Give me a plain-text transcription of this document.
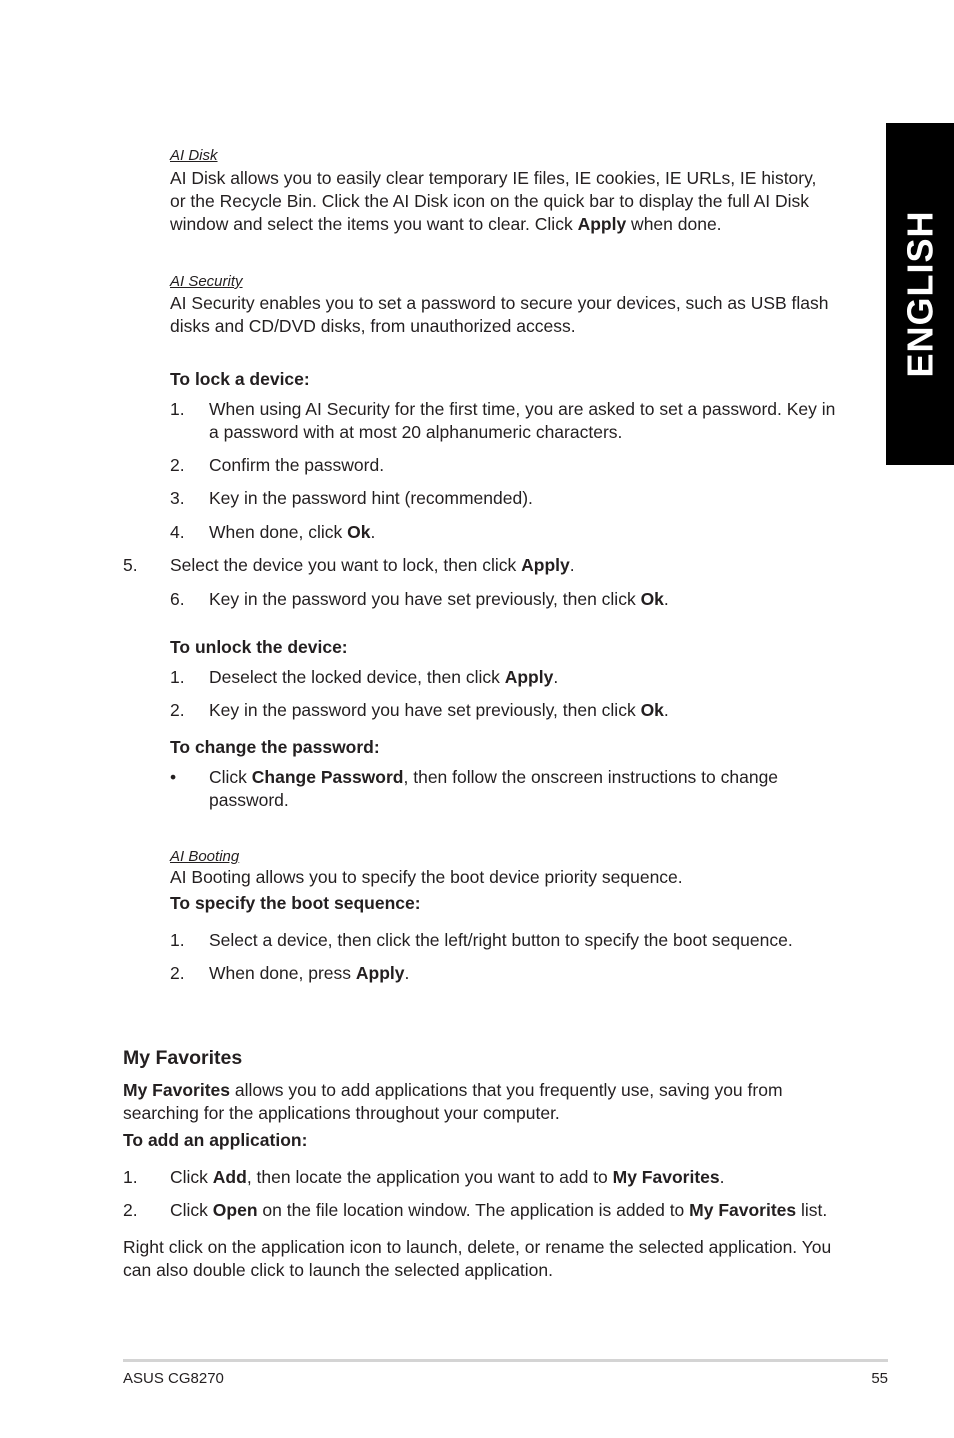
ENGLISH
AI Disk
AI Disk allows you to easily clear temporary IE files, IE cookies, IE URLs, IE history,
or the Recycle Bin. Click the AI Disk icon on the quick bar to display the full AI Disk
window and select the items you want to clear. Click Apply when done.
AI Security
AI Security enables you to set a password to secure your devices, such as USB flash
disks and CD/DVD disks, from unauthorized access.
To lock a device:
1. When using AI Security for the first time, you are asked to set a password. Key in
a password with at most 20 alphanumeric characters.
2. Confirm the password.
3. Key in the password hint (recommended).
4. When done, click Ok.
5. Select the device you want to lock, then click Apply.
6. Key in the password you have set previously, then click Ok.
To unlock the device:
1. Deselect the locked device, then click Apply.
2. Key in the password you have set previously, then click Ok.
To change the password:
• Click Change Password, then follow the onscreen instructions to change
password.
AI Booting
AI Booting allows you to specify the boot device priority sequence.
To specify the boot sequence:
1. Select a device, then click the left/right button to specify the boot sequence.
2. When done, press Apply.
My Favorites
My Favorites allows you to add applications that you frequently use, saving you from
searching for the applications throughout your computer.
To add an application:
1. Click Add, then locate the application you want to add to My Favorites.
2. Click Open on the file location window. The application is added to My Favorites list.
Right click on the application icon to launch, delete, or rename the selected application. You
can also double click to launch the selected application.
ASUS CG8270	55
